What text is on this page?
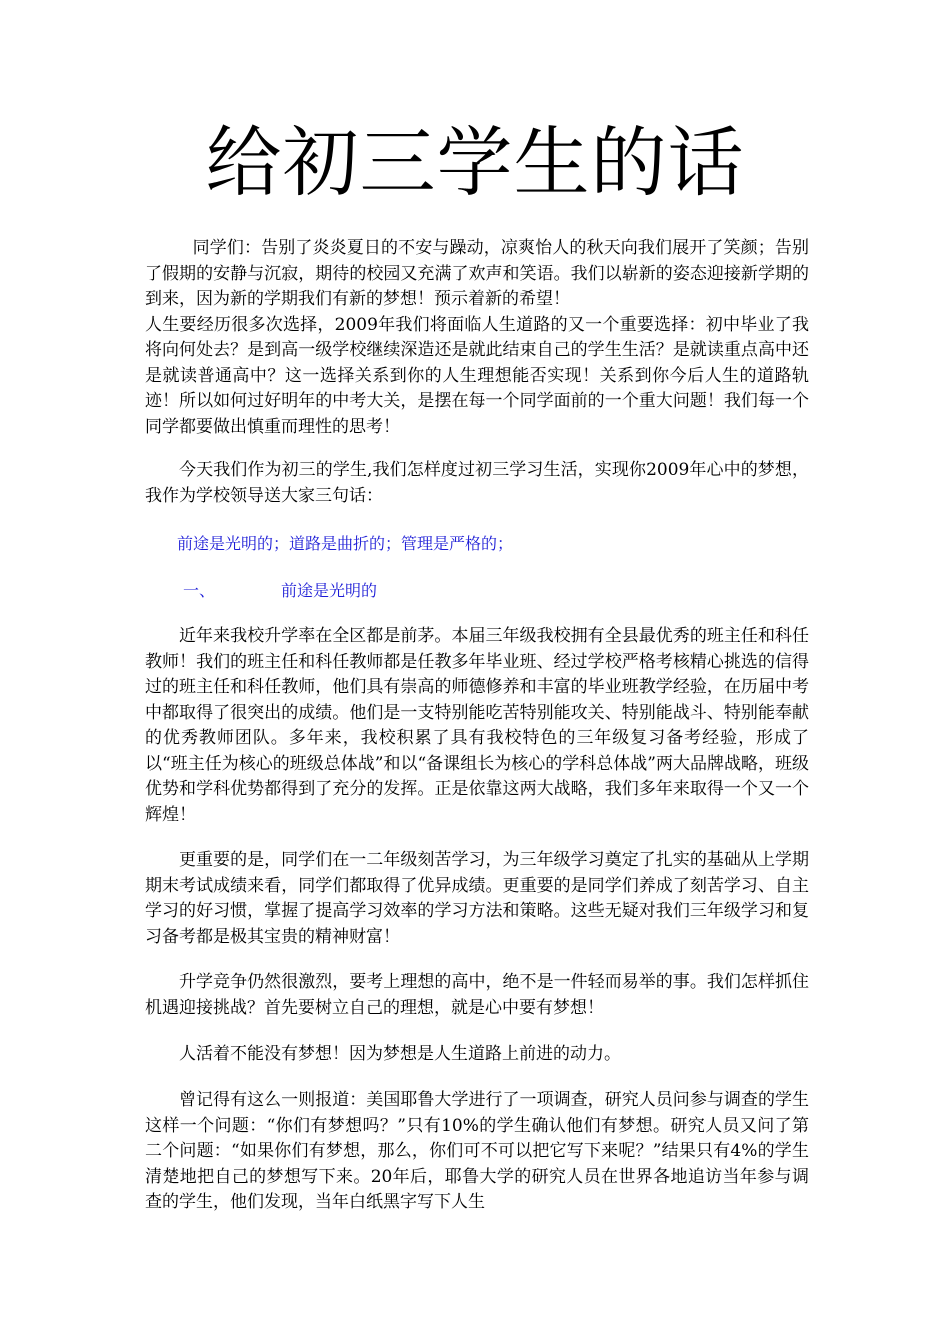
给初三学生的话

同学们：告别了炎炎夏日的不安与躁动，凉爽怡人的秋天向我们展开了笑颜；告别了假期的安静与沉寂，期待的校园又充满了欢声和笑语。我们以崭新的姿态迎接新学期的到来，因为新的学期我们有新的梦想！预示着新的希望！

人生要经历很多次选择，2009年我们将面临人生道路的又一个重要选择：初中毕业了我将向何处去？是到高一级学校继续深造还是就此结束自己的学生生活？是就读重点高中还是就读普通高中？这一选择关系到你的人生理想能否实现！关系到你今后人生的道路轨迹！所以如何过好明年的中考大关，是摆在每一个同学面前的一个重大问题！我们每一个同学都要做出慎重而理性的思考！

今天我们作为初三的学生,我们怎样度过初三学习生活，实现你2009年心中的梦想，我作为学校领导送大家三句话：

前途是光明的；道路是曲折的；管理是严格的；

一、	前途是光明的

近年来我校升学率在全区都是前茅。本届三年级我校拥有全县最优秀的班主任和科任教师！我们的班主任和科任教师都是任教多年毕业班、经过学校严格考核精心挑选的信得过的班主任和科任教师，他们具有崇高的师德修养和丰富的毕业班教学经验，在历届中考中都取得了很突出的成绩。他们是一支特别能吃苦特别能攻关、特别能战斗、特别能奉献的优秀教师团队。多年来，我校积累了具有我校特色的三年级复习备考经验，形成了以“班主任为核心的班级总体战”和以“备课组长为核心的学科总体战”两大品牌战略，班级优势和学科优势都得到了充分的发挥。正是依靠这两大战略，我们多年来取得一个又一个辉煌！

更重要的是，同学们在一二年级刻苦学习，为三年级学习奠定了扎实的基础从上学期期末考试成绩来看，同学们都取得了优异成绩。更重要的是同学们养成了刻苦学习、自主学习的好习惯，掌握了提高学习效率的学习方法和策略。这些无疑对我们三年级学习和复习备考都是极其宝贵的精神财富！

升学竞争仍然很激烈，要考上理想的高中，绝不是一件轻而易举的事。我们怎样抓住机遇迎接挑战？首先要树立自己的理想，就是心中要有梦想！

人活着不能没有梦想！因为梦想是人生道路上前进的动力。

曾记得有这么一则报道：美国耶鲁大学进行了一项调查，研究人员问参与调查的学生这样一个问题：“你们有梦想吗？”只有10%的学生确认他们有梦想。研究人员又问了第二个问题：“如果你们有梦想，那么，你们可不可以把它写下来呢？”结果只有4%的学生清楚地把自己的梦想写下来。20年后，耶鲁大学的研究人员在世界各地追访当年参与调查的学生，他们发现，当年白纸黑字写下人生
